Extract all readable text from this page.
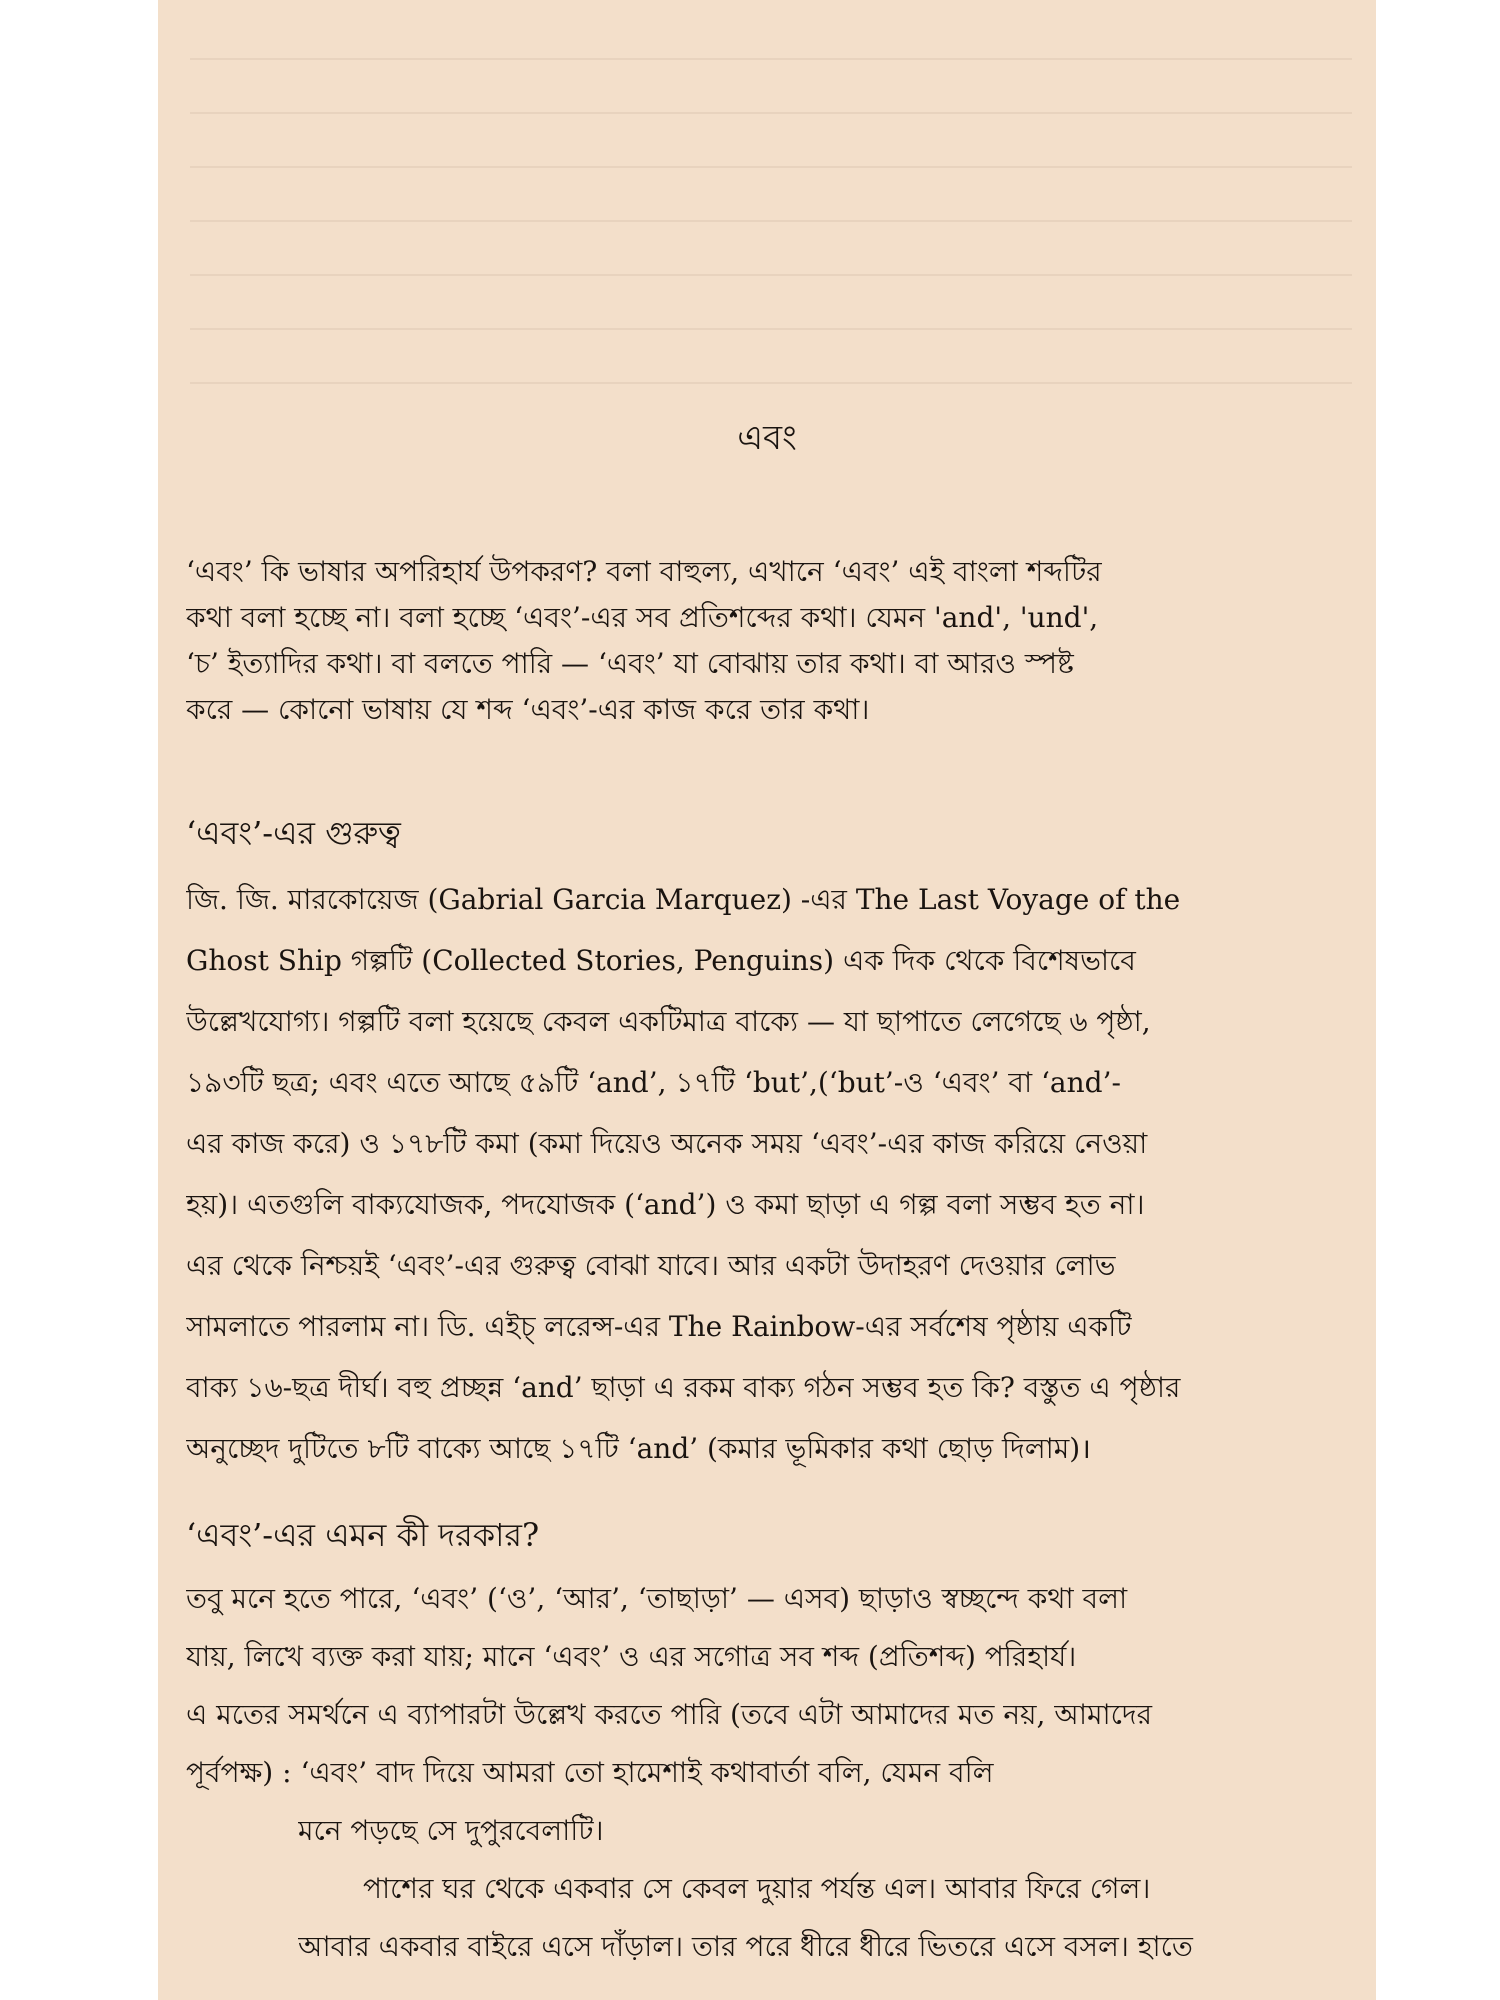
এবং
‘এবং’ কি ভাষার অপরিহার্য উপকরণ? বলা বাহুল্য, এখানে ‘এবং’ এই বাংলা শব্দটির
কথা বলা হচ্ছে না। বলা হচ্ছে ‘এবং’-এর সব প্রতিশব্দের কথা। যেমন 'and', 'und',
‘চ’ ইত্যাদির কথা। বা বলতে পারি — ‘এবং’ যা বোঝায় তার কথা। বা আরও স্পষ্ট
করে — কোনো ভাষায় যে শব্দ ‘এবং’-এর কাজ করে তার কথা।
‘এবং’-এর গুরুত্ব
জি. জি. মারকোয়েজ (Gabrial Garcia Marquez) -এর The Last Voyage of the
Ghost Ship গল্পটি (Collected Stories, Penguins) এক দিক থেকে বিশেষভাবে
উল্লেখযোগ্য। গল্পটি বলা হয়েছে কেবল একটিমাত্র বাক্যে — যা ছাপাতে লেগেছে ৬ পৃষ্ঠা,
১৯৩টি ছত্র; এবং এতে আছে ৫৯টি ‘and’, ১৭টি ‘but’,(‘but’-ও ‘এবং’ বা ‘and’-
এর কাজ করে) ও ১৭৮টি কমা (কমা দিয়েও অনেক সময় ‘এবং’-এর কাজ করিয়ে নেওয়া
হয়)। এতগুলি বাক্যযোজক, পদযোজক (‘and’) ও কমা ছাড়া এ গল্প বলা সম্ভব হত না।
এর থেকে নিশ্চয়ই ‘এবং’-এর গুরুত্ব বোঝা যাবে। আর একটা উদাহরণ দেওয়ার লোভ
সামলাতে পারলাম না। ডি. এইচ্ লরেন্স-এর The Rainbow-এর সর্বশেষ পৃষ্ঠায় একটি
বাক্য ১৬-ছত্র দীর্ঘ। বহু প্রচ্ছন্ন ‘and’ ছাড়া এ রকম বাক্য গঠন সম্ভব হত কি? বস্তুত এ পৃষ্ঠার
অনুচ্ছেদ দুটিতে ৮টি বাক্যে আছে ১৭টি ‘and’ (কমার ভূমিকার কথা ছোড় দিলাম)।
‘এবং’-এর এমন কী দরকার?
তবু মনে হতে পারে, ‘এবং’ (‘ও’, ‘আর’, ‘তাছাড়া’ — এসব) ছাড়াও স্বচ্ছন্দে কথা বলা
যায়, লিখে ব্যক্ত করা যায়; মানে ‘এবং’ ও এর সগোত্র সব শব্দ (প্রতিশব্দ) পরিহার্য।
এ মতের সমর্থনে এ ব্যাপারটা উল্লেখ করতে পারি (তবে এটা আমাদের মত নয়, আমাদের
পূর্বপক্ষ) : ‘এবং’ বাদ দিয়ে আমরা তো হামেশাই কথাবার্তা বলি, যেমন বলি
মনে পড়ছে সে দুপুরবেলাটি।
পাশের ঘর থেকে একবার সে কেবল দুয়ার পর্যন্ত এল। আবার ফিরে গেল।
আবার একবার বাইরে এসে দাঁড়াল। তার পরে ধীরে ধীরে ভিতরে এসে বসল। হাতে
